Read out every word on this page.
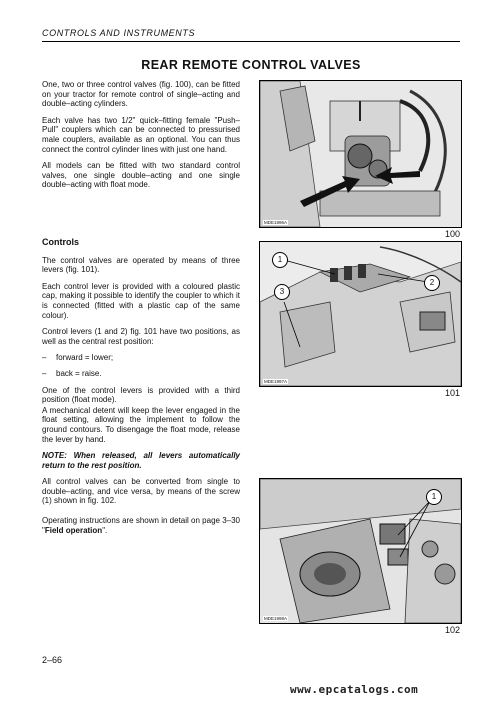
CONTROLS AND INSTRUMENTS
REAR REMOTE CONTROL VALVES

One, two or three control valves (fig. 100), can be fitted on your tractor for remote control of single–acting and double–acting cylinders.

Each valve has two 1/2" quick–fitting female "Push–Pull" couplers which can be connected to pressurised male couplers, available as an optional. You can thus connect the control cylinder lines with just one hand.

All models can be fitted with two standard control valves, one single double–acting and one single double–acting with float mode.

Controls

The control valves are operated by means of three levers (fig. 101).

Each control lever is provided with a coloured plastic cap, making it possible to identify the coupler to which it is connected (fitted with a plastic cap of the same colour).

Control levers (1 and 2) fig. 101 have two positions, as well as the central rest position:

– forward = lower;
– back = raise.

One of the control levers is provided with a third position (float mode).

A mechanical detent will keep the lever engaged in the float setting, allowing the implement to follow the ground contours. To disengage the float mode, release the lever by hand.

NOTE: When released, all levers automatically return to the rest position.

All control valves can be converted from single to double–acting, and vice versa, by means of the screw (1) shown in fig. 102.

Operating instructions are shown in detail on page 3–30 "Field operation".

MDE1996A
100
1
2
3
MDE1997A
101
1
MDE1998A
102
2–66
www.epcatalogs.com
